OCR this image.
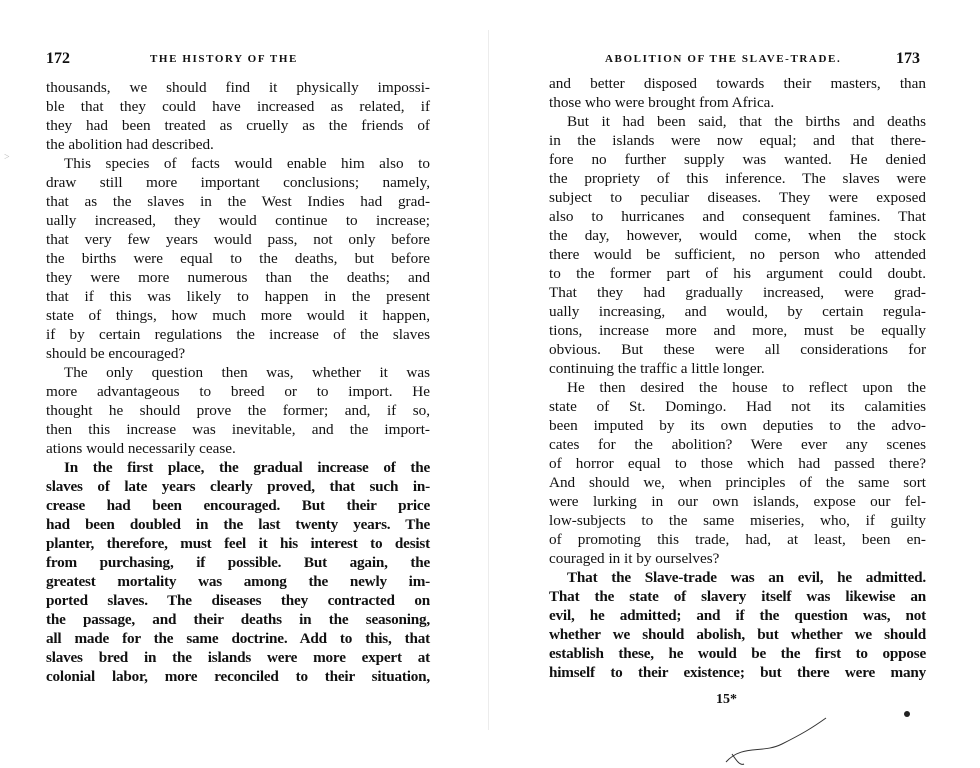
172	THE HISTORY OF THE
>
thousands, we should find it physically impossi-
ble that they could have increased as related, if
they had been treated as cruelly as the friends of
the abolition had described.
This species of facts would enable him also to
draw still more important conclusions; namely,
that as the slaves in the West Indies had grad-
ually increased, they would continue to increase;
that very few years would pass, not only before
the births were equal to the deaths, but before
they were more numerous than the deaths; and
that if this was likely to happen in the present
state of things, how much more would it happen,
if by certain regulations the increase of the slaves
should be encouraged?
The only question then was, whether it was
more advantageous to breed or to import. He
thought he should prove the former; and, if so,
then this increase was inevitable, and the import-
ations would necessarily cease.
In the first place, the gradual increase of the
slaves of late years clearly proved, that such in-
crease had been encouraged. But their price
had been doubled in the last twenty years. The
planter, therefore, must feel it his interest to desist
from purchasing, if possible. But again, the
greatest mortality was among the newly im-
ported slaves. The diseases they contracted on
the passage, and their deaths in the seasoning,
all made for the same doctrine. Add to this, that
slaves bred in the islands were more expert at
colonial labor, more reconciled to their situation,
ABOLITION OF THE SLAVE-TRADE.	173
and better disposed towards their masters, than
those who were brought from Africa.
But it had been said, that the births and deaths
in the islands were now equal; and that there-
fore no further supply was wanted. He denied
the propriety of this inference. The slaves were
subject to peculiar diseases. They were exposed
also to hurricanes and consequent famines. That
the day, however, would come, when the stock
there would be sufficient, no person who attended
to the former part of his argument could doubt.
That they had gradually increased, were grad-
ually increasing, and would, by certain regula-
tions, increase more and more, must be equally
obvious. But these were all considerations for
continuing the traffic a little longer.
He then desired the house to reflect upon the
state of St. Domingo. Had not its calamities
been imputed by its own deputies to the advo-
cates for the abolition? Were ever any scenes
of horror equal to those which had passed there?
And should we, when principles of the same sort
were lurking in our own islands, expose our fel-
low-subjects to the same miseries, who, if guilty
of promoting this trade, had, at least, been en-
couraged in it by ourselves?
That the Slave-trade was an evil, he admitted.
That the state of slavery itself was likewise an
evil, he admitted; and if the question was, not
whether we should abolish, but whether we should
establish these, he would be the first to oppose
himself to their existence; but there were many
15*
